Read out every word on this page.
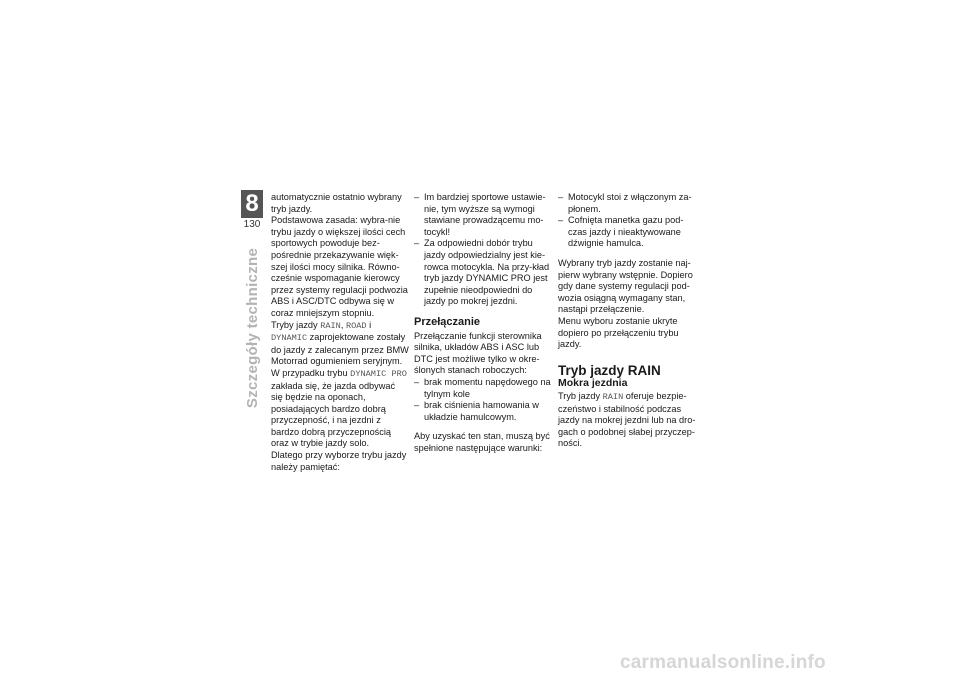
8
130
Szczegóły techniczne

automatycznie ostatnio wybrany tryb jazdy.

Podstawowa zasada: wybra-nie trybu jazdy o większej ilości cech sportowych powoduje bez-pośrednie przekazywanie więk-szej ilości mocy silnika. Równo-cześnie wspomaganie kierowcy przez systemy regulacji podwozia ABS i ASC/DTC odbywa się w coraz mniejszym stopniu.

Tryby jazdy RAIN, ROAD i DYNAMIC zaprojektowane zostały do jazdy z zalecanym przez BMW Motorrad ogumieniem seryjnym. W przypadku trybu DYNAMIC PRO zakłada się, że jazda odbywać się będzie na oponach, posiadających bardzo dobrą przyczepność, i na jezdni z bardzo dobrą przyczepnością oraz w trybie jazdy solo.

Dlatego przy wyborze trybu jazdy należy pamiętać:

– Im bardziej sportowe ustawie-nie, tym wyższe są wymogi stawiane prowadzącemu mo-tocykl!
– Za odpowiedni dobór trybu jazdy odpowiedzialny jest kie-rowca motocykla. Na przy-kład tryb jazdy DYNAMIC PRO jest zupełnie nieodpowiedni do jazdy po mokrej jezdni.
Przełączanie

Przełączanie funkcji sterownika silnika, układów ABS i ASC lub DTC jest możliwe tylko w okre-ślonych stanach roboczych:

– brak momentu napędowego na tylnym kole
– brak ciśnienia hamowania w układzie hamulcowym.

Aby uzyskać ten stan, muszą być spełnione następujące warunki:

– Motocykl stoi z włączonym za-płonem.
– Cofnięta manetka gazu pod-czas jazdy i nieaktywowane dźwignie hamulca.

Wybrany tryb jazdy zostanie naj-pierw wybrany wstępnie. Dopiero gdy dane systemy regulacji pod-wozia osiągną wymagany stan, nastąpi przełączenie.

Menu wyboru zostanie ukryte dopiero po przełączeniu trybu jazdy.

Tryb jazdy RAIN
Mokra jezdnia

Tryb jazdy RAIN oferuje bezpie-czeństwo i stabilność podczas jazdy na mokrej jezdni lub na dro-gach o podobnej słabej przyczep-ności.

carmanualsonline.info
